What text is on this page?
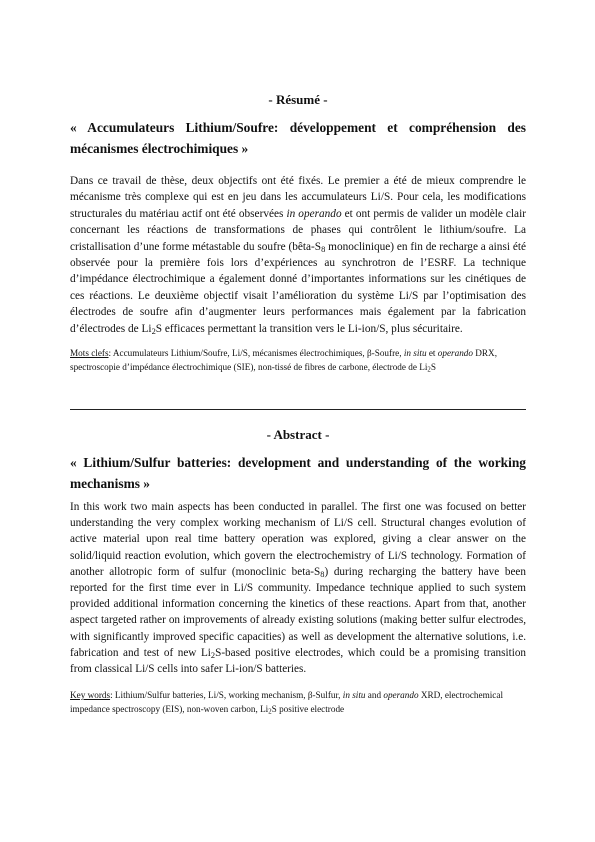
- Résumé -
« Accumulateurs Lithium/Soufre: développement et compréhension des mécanismes électrochimiques »

Dans ce travail de thèse, deux objectifs ont été fixés. Le premier a été de mieux comprendre le mécanisme très complexe qui est en jeu dans les accumulateurs Li/S. Pour cela, les modifications structurales du matériau actif ont été observées in operando et ont permis de valider un modèle clair concernant les réactions de transformations de phases qui contrôlent le lithium/soufre. La cristallisation d’une forme métastable du soufre ($bêta-S_8$ monoclinique) en fin de recharge a ainsi été observée pour la première fois lors d’expériences au synchrotron de l’ESRF. La technique d’impédance électrochimique a également donné d’importantes informations sur les cinétiques de ces réactions. Le deuxième objectif visait l’amélioration du système Li/S par l’optimisation des électrodes de soufre afin d’augmenter leurs performances mais également par la fabrication d’électrodes de $Li_2S$ efficaces permettant la transition vers le Li-ion/S, plus sécuritaire.

Mots clefs: Accumulateurs Lithium/Soufre, Li/S, mécanismes électrochimiques, β-Soufre, in situ et operando DRX, spectroscopie d’impédance électrochimique (SIE), non-tissé de fibres de carbone, électrode de $Li_2S$

- Abstract -
« Lithium/Sulfur batteries: development and understanding of the working mechanisms »

In this work two main aspects has been conducted in parallel. The first one was focused on better understanding the very complex working mechanism of Li/S cell. Structural changes evolution of active material upon real time battery operation was explored, giving a clear answer on the solid/liquid reaction evolution, which govern the electrochemistry of Li/S technology. Formation of another allotropic form of sulfur (monoclinic beta-$S_8$) during recharging the battery have been reported for the first time ever in Li/S community. Impedance technique applied to such system provided additional information concerning the kinetics of these reactions. Apart from that, another aspect targeted rather on improvements of already existing solutions (making better sulfur electrodes, with significantly improved specific capacities) as well as development the alternative solutions, i.e. fabrication and test of new $Li_2S$-based positive electrodes, which could be a promising transition from classical Li/S cells into safer Li-ion/S batteries.

Key words: Lithium/Sulfur batteries, Li/S, working mechanism, β-Sulfur, in situ and operando XRD, electrochemical impedance spectroscopy (EIS), non-woven carbon, $Li_2S$ positive electrode
